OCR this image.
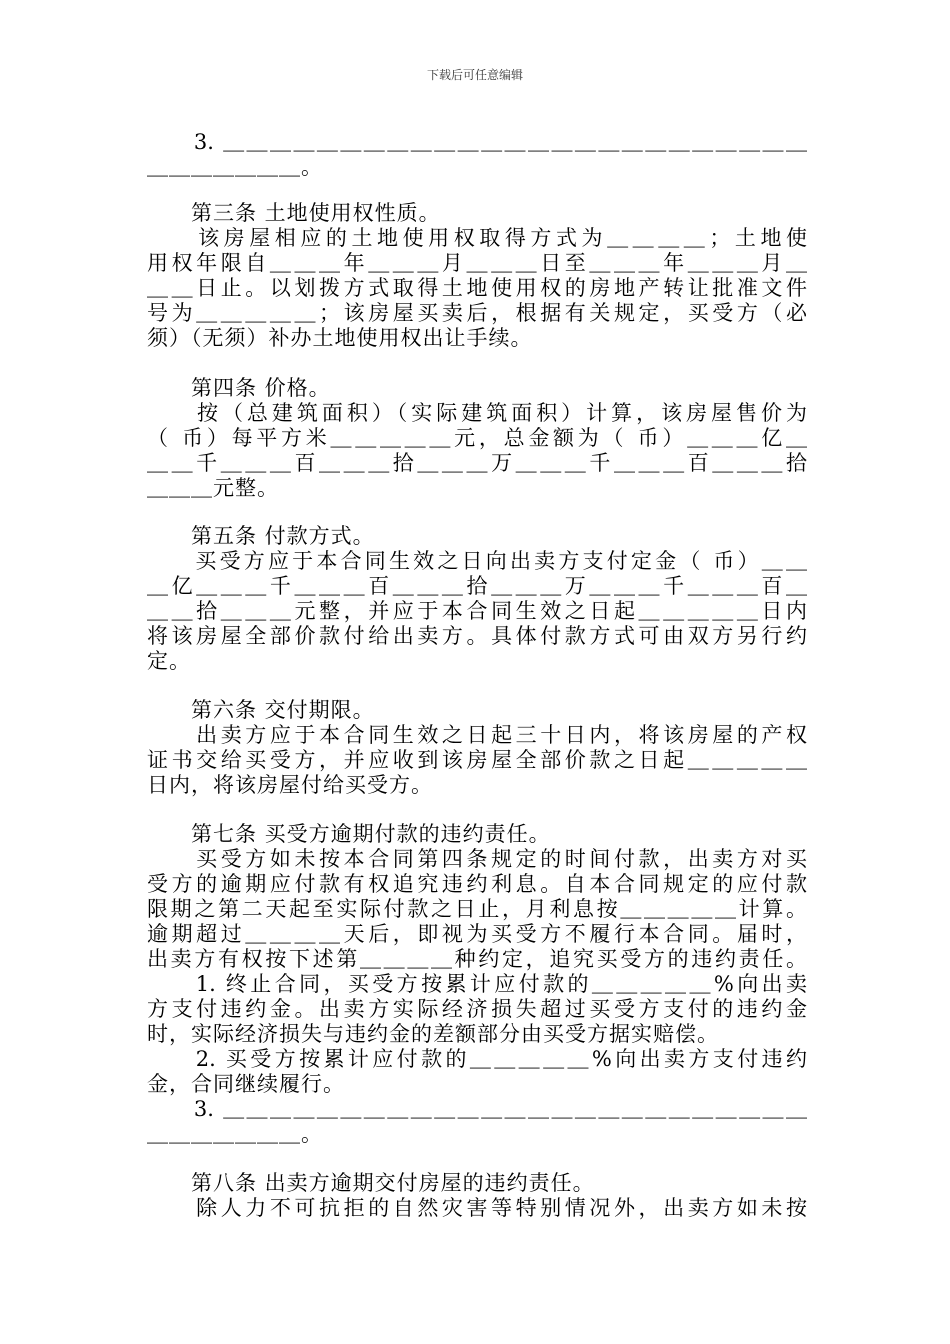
下载后可任意编辑
　　3. ＿＿＿＿＿＿＿＿＿＿＿＿＿＿＿＿＿＿＿＿＿＿＿＿＿
＿＿＿＿＿＿＿。
　　第三条 土地使用权性质。
　　该房屋相应的土地使用权取得方式为＿＿＿＿；土地使
用权年限自＿＿＿年＿＿＿月＿＿＿日至＿＿＿年＿＿＿月＿
＿＿日止。以划拨方式取得土地使用权的房地产转让批准文件
号为＿＿＿＿＿；该房屋买卖后，根据有关规定，买受方（必
须）（无须）补办土地使用权出让手续。
　　第四条 价格。
　　按（总建筑面积）（实际建筑面积）计算，该房屋售价为
（ 币）每平方米＿＿＿＿＿元，总金额为（ 币）＿＿＿亿＿
＿＿千＿＿＿百＿＿＿拾＿＿＿万＿＿＿千＿＿＿百＿＿＿拾
＿＿＿元整。
　　第五条 付款方式。
　　买受方应于本合同生效之日向出卖方支付定金（ 币）＿＿
＿亿＿＿＿千＿＿＿百＿＿＿拾＿＿＿万＿＿＿千＿＿＿百＿
＿＿拾＿＿＿元整，并应于本合同生效之日起＿＿＿＿＿日内
将该房屋全部价款付给出卖方。具体付款方式可由双方另行约
定。
　　第六条 交付期限。
　　出卖方应于本合同生效之日起三十日内，将该房屋的产权
证书交给买受方，并应收到该房屋全部价款之日起＿＿＿＿＿
日内，将该房屋付给买受方。
　　第七条 买受方逾期付款的违约责任。
　　买受方如未按本合同第四条规定的时间付款，出卖方对买
受方的逾期应付款有权追究违约利息。自本合同规定的应付款
限期之第二天起至实际付款之日止，月利息按＿＿＿＿＿计算。
逾期超过＿＿＿＿天后，即视为买受方不履行本合同。届时，
出卖方有权按下述第＿＿＿＿种约定，追究买受方的违约责任。
　　1. 终止合同，买受方按累计应付款的＿＿＿＿＿%向出卖
方支付违约金。出卖方实际经济损失超过买受方支付的违约金
时，实际经济损失与违约金的差额部分由买受方据实赔偿。
　　2. 买受方按累计应付款的＿＿＿＿＿%向出卖方支付违约
金，合同继续履行。
　　3. ＿＿＿＿＿＿＿＿＿＿＿＿＿＿＿＿＿＿＿＿＿＿＿＿＿
＿＿＿＿＿＿＿。
　　第八条 出卖方逾期交付房屋的违约责任。
　　除人力不可抗拒的自然灾害等特别情况外，出卖方如未按
